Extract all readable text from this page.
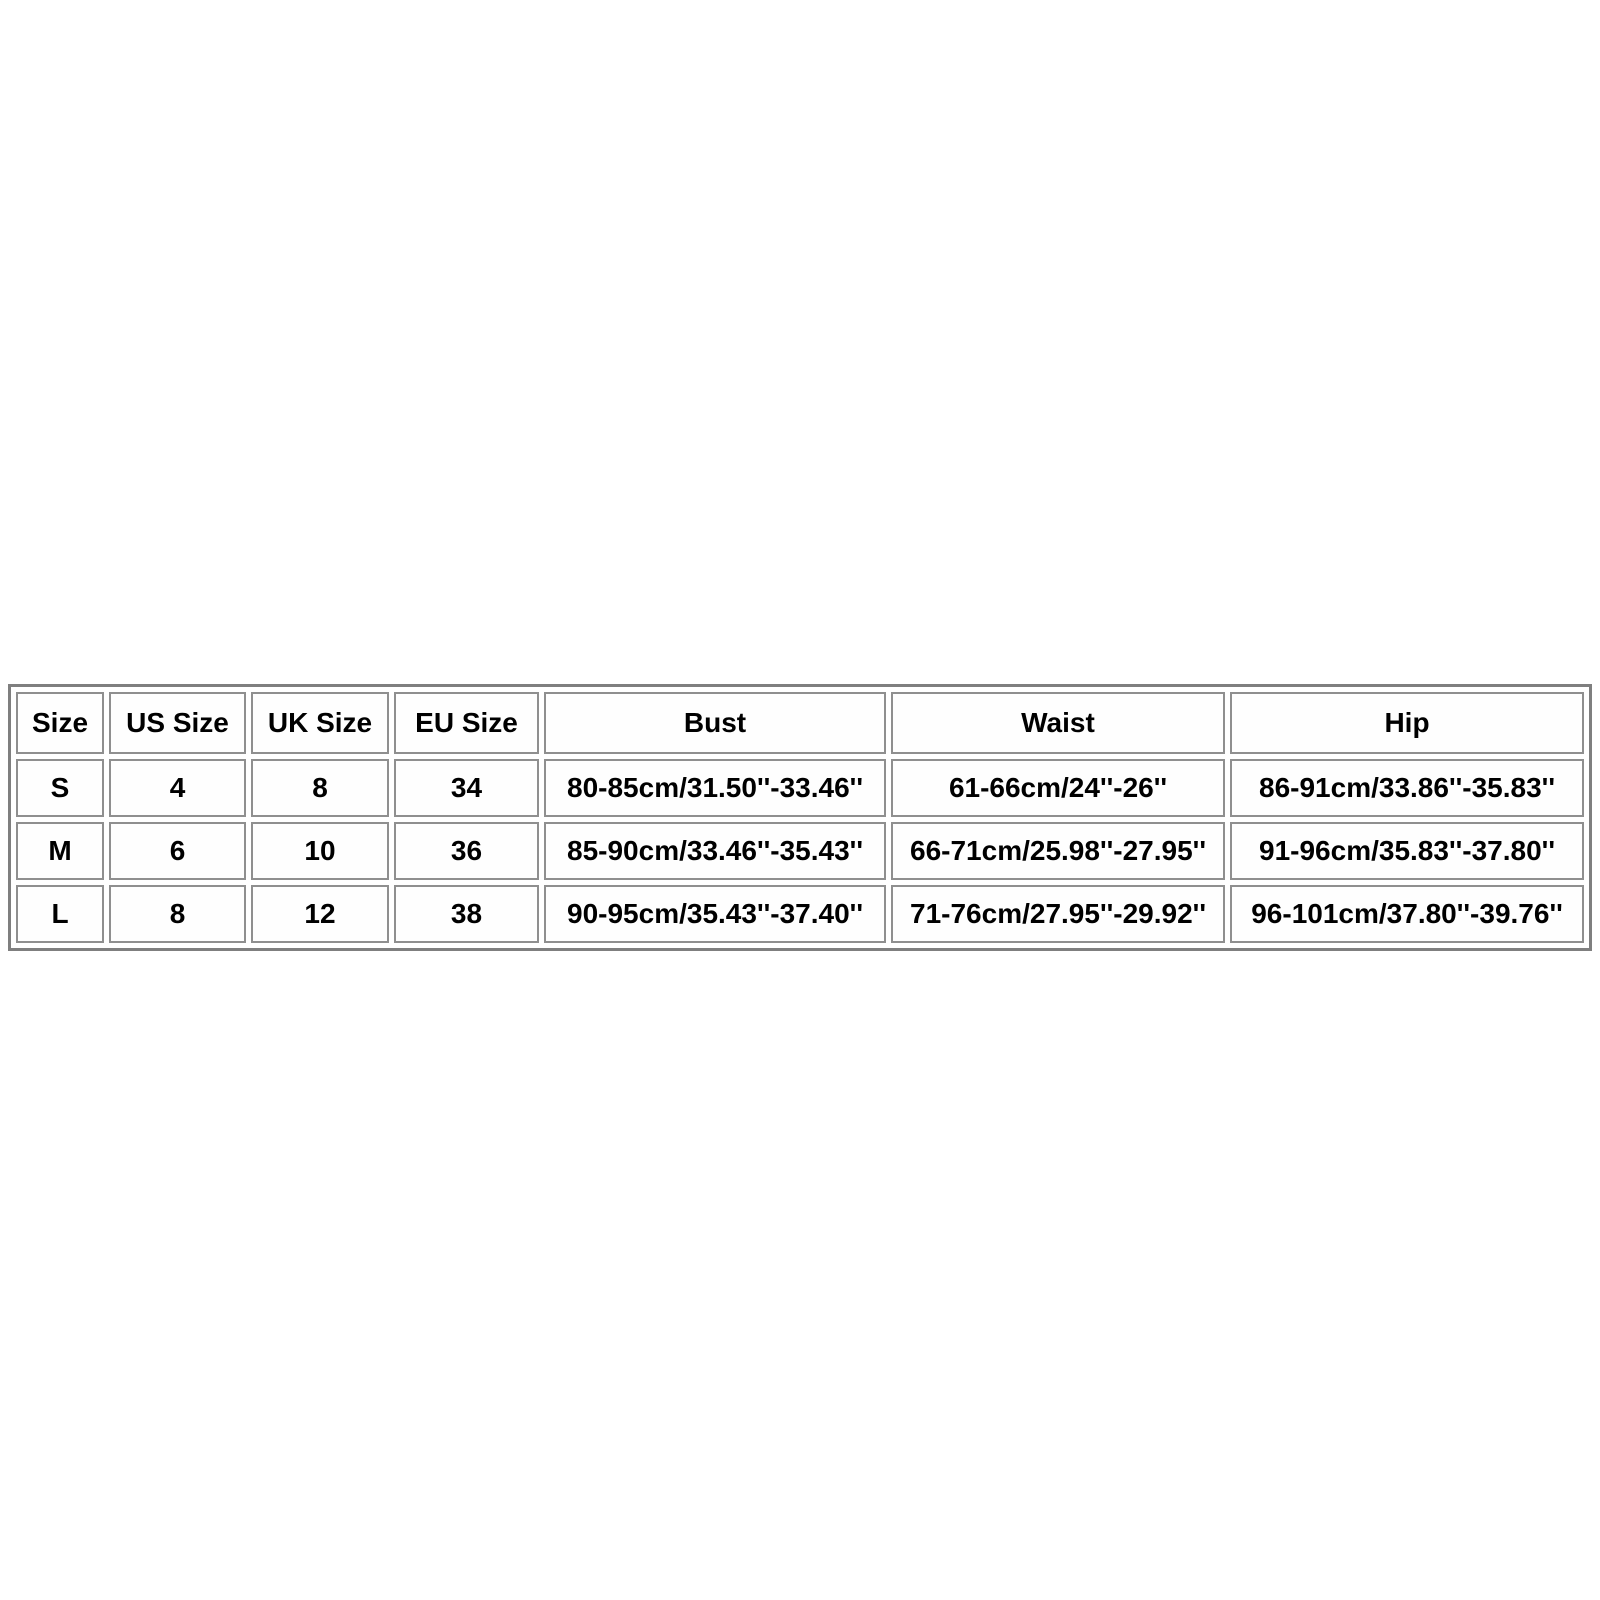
Size	US Size	UK Size	EU Size	Bust	Waist	Hip
S	4	8	34	80-85cm/31.50''-33.46''	61-66cm/24''-26''	86-91cm/33.86''-35.83''
M	6	10	36	85-90cm/33.46''-35.43''	66-71cm/25.98''-27.95''	91-96cm/35.83''-37.80''
L	8	12	38	90-95cm/35.43''-37.40''	71-76cm/27.95''-29.92''	96-101cm/37.80''-39.76''
